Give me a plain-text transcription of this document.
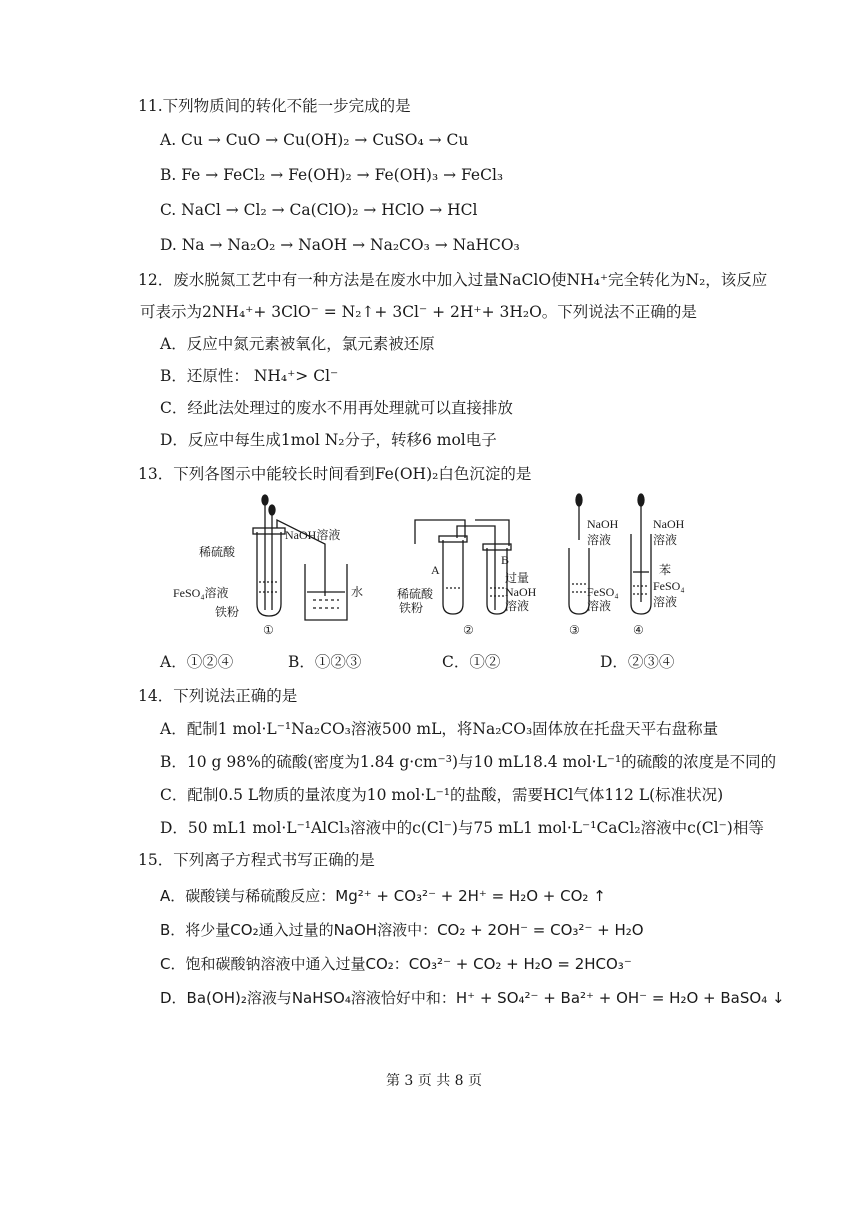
11.下列物质间的转化不能一步完成的是
A. Cu → CuO → Cu(OH)₂ → CuSO₄ → Cu
B. Fe → FeCl₂ → Fe(OH)₂ → Fe(OH)₃ → FeCl₃
C. NaCl → Cl₂ → Ca(ClO)₂ → HClO → HCl
D. Na → Na₂O₂ → NaOH → Na₂CO₃ → NaHCO₃
12．废水脱氮工艺中有一种方法是在废水中加入过量NaClO使NH₄⁺完全转化为N₂，该反应
可表示为2NH₄⁺+ 3ClO⁻ = N₂↑+ 3Cl⁻ + 2H⁺+ 3H₂O。下列说法不正确的是
A．反应中氮元素被氧化，氯元素被还原
B．还原性： NH₄⁺> Cl⁻
C．经此法处理过的废水不用再处理就可以直接排放
D．反应中每生成1mol N₂分子，转移6 mol电子
13．下列各图示中能较长时间看到Fe(OH)₂白色沉淀的是
NaOH溶液
稀硫酸
FeSO₄溶液
铁粉
水
①
A
B
稀硫酸
铁粉
过量
NaOH
溶液
②
NaOH
溶液
FeSO₄
溶液
③
NaOH
溶液
苯
FeSO₄
溶液
④
A．①②④	B．①②③	C．①②	D．②③④
14．下列说法正确的是
A．配制1 mol·L⁻¹Na₂CO₃溶液500 mL，将Na₂CO₃固体放在托盘天平右盘称量
B．10 g 98%的硫酸(密度为1.84 g·cm⁻³)与10 mL18.4 mol·L⁻¹的硫酸的浓度是不同的
C．配制0.5 L物质的量浓度为10 mol·L⁻¹的盐酸，需要HCl气体112 L(标准状况)
D．50 mL1 mol·L⁻¹AlCl₃溶液中的c(Cl⁻)与75 mL1 mol·L⁻¹CaCl₂溶液中c(Cl⁻)相等
15．下列离子方程式书写正确的是
A．碳酸镁与稀硫酸反应：Mg²⁺ + CO₃²⁻ + 2H⁺ = H₂O + CO₂ ↑
B．将少量CO₂通入过量的NaOH溶液中：CO₂ + 2OH⁻ = CO₃²⁻ + H₂O
C．饱和碳酸钠溶液中通入过量CO₂：CO₃²⁻ + CO₂ + H₂O = 2HCO₃⁻
D．Ba(OH)₂溶液与NaHSO₄溶液恰好中和：H⁺ + SO₄²⁻ + Ba²⁺ + OH⁻ = H₂O + BaSO₄ ↓
第 3 页 共 8 页
